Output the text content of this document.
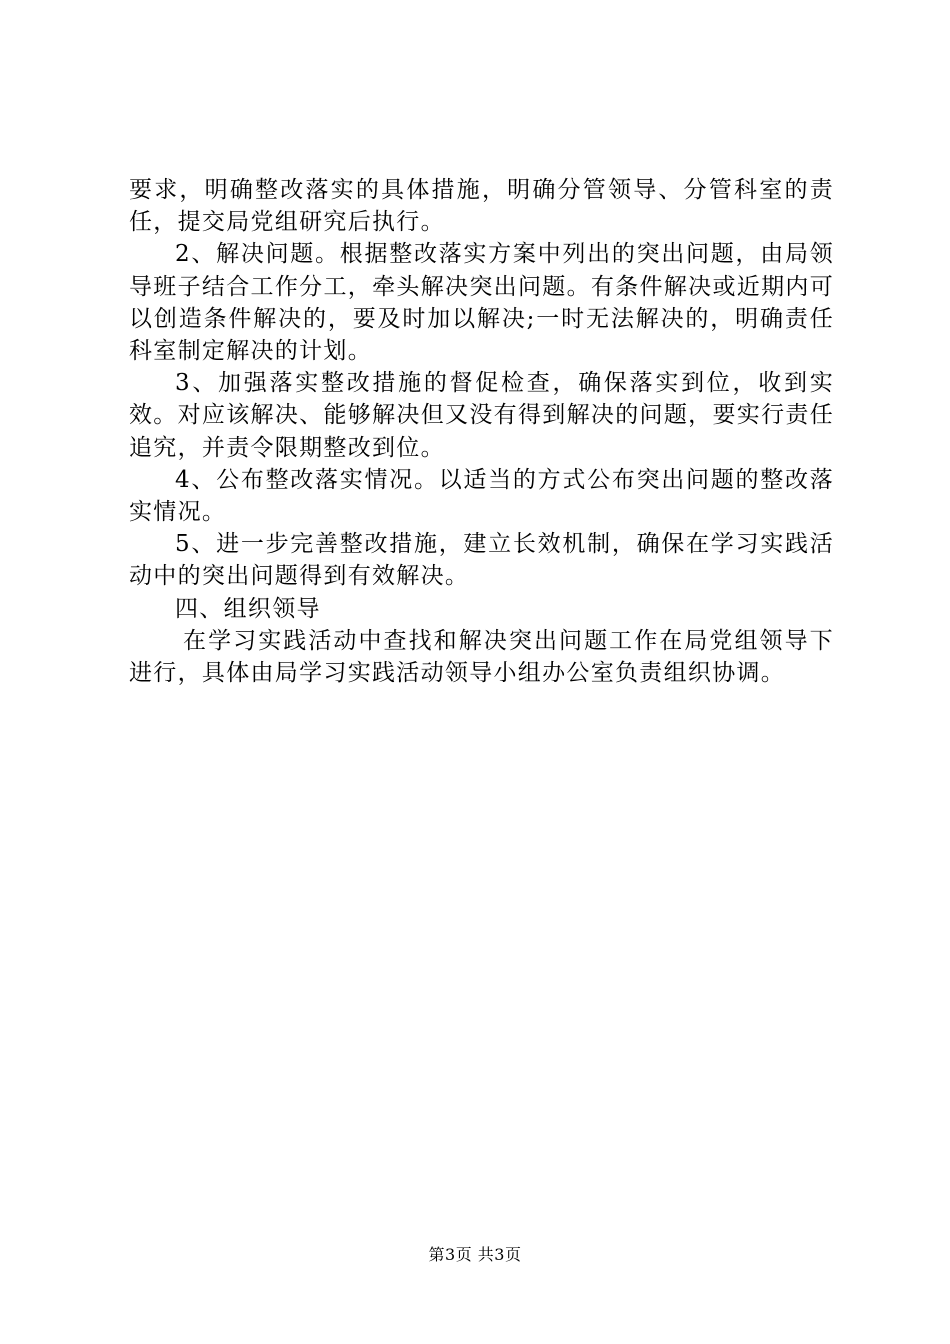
要求，明确整改落实的具体措施，明确分管领导、分管科室的责任，提交局党组研究后执行。

2、解决问题。根据整改落实方案中列出的突出问题，由局领导班子结合工作分工，牵头解决突出问题。有条件解决或近期内可以创造条件解决的，要及时加以解决;一时无法解决的，明确责任科室制定解决的计划。

3、加强落实整改措施的督促检查，确保落实到位，收到实效。对应该解决、能够解决但又没有得到解决的问题，要实行责任追究，并责令限期整改到位。

4、公布整改落实情况。以适当的方式公布突出问题的整改落实情况。

5、进一步完善整改措施，建立长效机制，确保在学习实践活动中的突出问题得到有效解决。

四、组织领导

在学习实践活动中查找和解决突出问题工作在局党组领导下进行，具体由局学习实践活动领导小组办公室负责组织协调。

第3页 共3页
